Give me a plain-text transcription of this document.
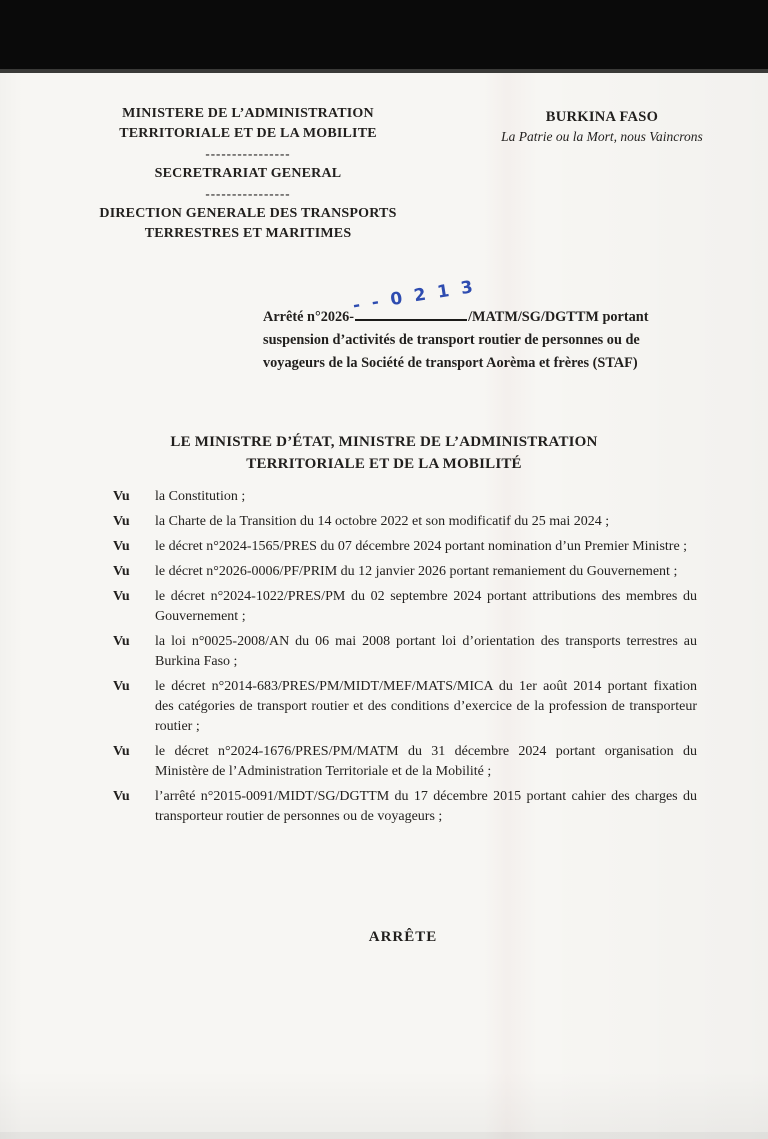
MINISTERE DE L’ADMINISTRATION
TERRITORIALE ET DE LA MOBILITE
----------------
SECRETRARIAT GENERAL
----------------
DIRECTION GENERALE DES TRANSPORTS
TERRESTRES ET MARITIMES
BURKINA FASO
La Patrie ou la Mort, nous Vaincrons
Arrêté n°2026-
- - 0 2 1 3
/MATM/SG/DGTTM portant
suspension d’activités de transport routier de personnes ou de
voyageurs de la Société de transport Aorèma et frères (STAF)
LE MINISTRE D’ÉTAT, MINISTRE DE L’ADMINISTRATION
TERRITORIALE ET DE LA MOBILITÉ
Vu	la Constitution ;
Vu	la Charte de la Transition du 14 octobre 2022 et son modificatif du 25 mai 2024 ;
Vu	le décret n°2024-1565/PRES du 07 décembre 2024 portant nomination d’un Premier Ministre ;
Vu	le décret n°2026-0006/PF/PRIM du 12 janvier 2026 portant remaniement du Gouvernement ;
Vu	le décret n°2024-1022/PRES/PM du 02 septembre 2024 portant attributions des membres du Gouvernement ;
Vu	la loi n°0025-2008/AN du 06 mai 2008 portant loi d’orientation des transports terrestres au Burkina Faso ;
Vu	le décret n°2014-683/PRES/PM/MIDT/MEF/MATS/MICA du 1er août 2014 portant fixation des catégories de transport routier et des conditions d’exercice de la profession de transporteur routier ;
Vu	le décret n°2024-1676/PRES/PM/MATM du 31 décembre 2024 portant organisation du Ministère de l’Administration Territoriale et de la Mobilité ;
Vu	l’arrêté n°2015-0091/MIDT/SG/DGTTM du 17 décembre 2015 portant cahier des charges du transporteur routier de personnes ou de voyageurs ;
ARRÊTE
